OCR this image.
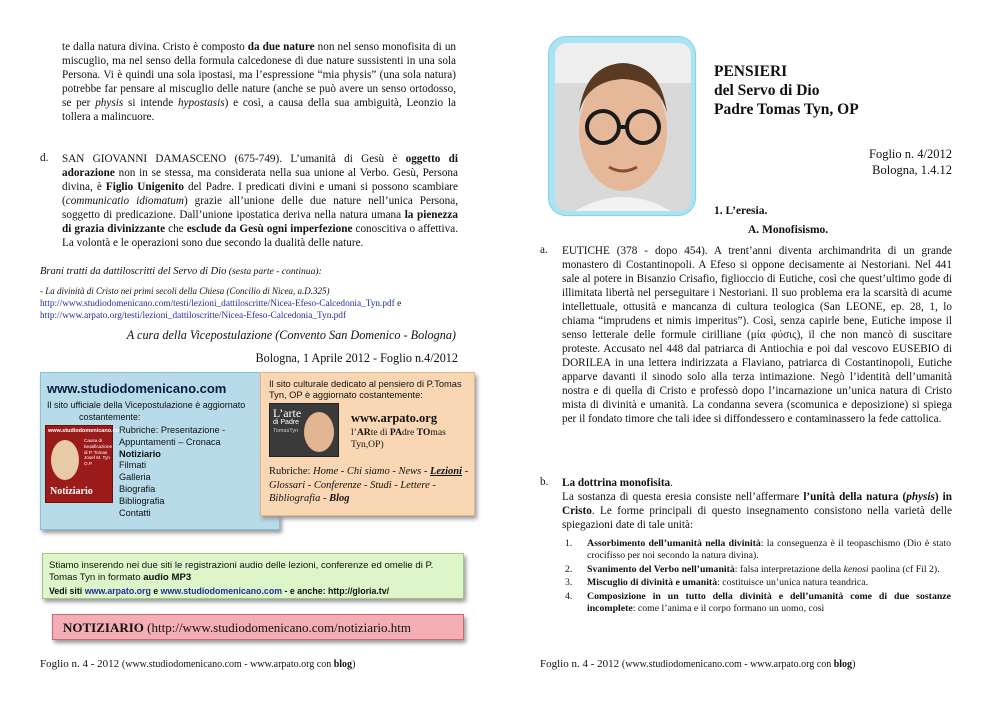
te dalla natura divina. Cristo è composto da due nature non nel senso monofisita di un miscuglio, ma nel senso della formula calcedonese di due nature sussistenti in una sola Persona. Vi è quindi una sola ipostasi, ma l’espressione “mia physis” (una sola natura) potrebbe far pensare al miscuglio delle nature (anche se può avere un senso ortodosso, se per physis si intende hypostasis) e così, a causa della sua ambiguità, Leonzio la tollera a malincuore.
d. SAN GIOVANNI DAMASCENO (675-749). L’umanità di Gesù è oggetto di adorazione non in se stessa, ma considerata nella sua unione al Verbo. Gesù, Persona divina, è Figlio Unigenito del Padre. I predicati divini e umani si possono scambiare (communicatio idiomatum) grazie all’unione delle due nature nell’unica Persona, soggetto di predicazione. Dall’unione ipostatica deriva nella natura umana la pienezza di grazia divinizzante che esclude da Gesù ogni imperfezione conoscitiva o affettiva. La volontà e le operazioni sono due secondo la dualità delle nature.
Brani tratti da dattiloscritti del Servo di Dio (sesta parte - continua):
- La divinità di Cristo nei primi secoli della Chiesa (Concilio di Nicea, a.D.325)
http://www.studiodomenicano.com/testi/lezioni_dattiloscritte/Nicea-Efeso-Calcedonia_Tyn.pdf e
http://www.arpato.org/testi/lezioni_dattiloscritte/Nicea-Efeso-Calcedonia_Tyn.pdf
A cura della Vicepostulazione (Convento San Domenico - Bologna)
Bologna, 1 Aprile 2012 - Foglio n.4/2012
www.studiodomenicano.com
Il sito ufficiale della Vicepostulazione è aggiornato
costantemente:
www.studiodomenicano.com
Causa di beatificazione di P. Tomas Josef M. Tyn O.P.
Notiziario
Rubriche: Presentazione -
Appuntamenti – Cronaca
Notiziario
Filmati
Galleria
Biografia
Bibliografia
Contatti
Il sito culturale dedicato al pensiero di P.Tomas Tyn, OP è aggiornato costantemente:
L’arte
di Padre
TomasTyn
www.arpato.org
l’ARte di PAdre TOmas Tyn,OP)
Rubriche: Home - Chi siamo - News - Lezioni - Glossari - Conferenze - Studi - Lettere - Bibliografia - Blog
Stiamo inserendo nei due siti le registrazioni audio delle lezioni, conferenze ed omelie di P. Tomas Tyn in formato audio MP3
Vedi siti www.arpato.org e www.studiodomenicano.com - e anche: http://gloria.tv/
NOTIZIARIO (http://www.studiodomenicano.com/notiziario.htm
Foglio n. 4 - 2012 (www.studiodomenicano.com - www.arpato.org con blog)
PENSIERI
del Servo di Dio
Padre Tomas Tyn, OP
Foglio n. 4/2012
Bologna, 1.4.12
1. L’eresia.
A. Monofisismo.
a. EUTICHE (378 - dopo 454). A trent’anni diventa archimandrita di un grande monastero di Costantinopoli. A Efeso si oppone decisamente ai Nestoriani. Nel 441 sale al potere in Bisanzio Crisafio, figlioccio di Eutiche, così che quest’ultimo gode di illimitata libertà nel perseguitare i Nestoriani. Il suo problema era la scarsità di acume intellettuale, ottusità e mancanza di cultura teologica (San LEONE, ep. 28, 1, lo chiama “imprudens et nimis imperitus”). Così, senza capirle bene, Eutiche impose il senso letterale delle formule cirilliane (μία φύσις), il che non mancò di suscitare proteste. Accusato nel 448 dal patriarca di Antiochia e poi dal vescovo EUSEBIO di DORILEA in una lettera indirizzata a Flaviano, patriarca di Costantinopoli, Eutiche apparve davanti il sinodo solo alla terza intimazione. Negò l’identità dell’umanità nostra e di quella di Cristo e professò dopo l’incarnazione un’unica natura di Cristo mista di divinità e umanità. La condanna severa (scomunica e deposizione) si spiega per il fondato timore che tali idee si diffondessero e contaminassero la fede cattolica.
b. La dottrina monofisita.
La sostanza di questa eresia consiste nell’affermare l’unità della natura (physis) in Cristo. Le forme principali di questo insegnamento consistono nella varietà delle spiegazioni date di tale unità:
1. Assorbimento dell’umanità nella divinità: la conseguenza è il teopaschismo (Dio è stato crocifisso per noi secondo la natura divina).
2. Svanimento del Verbo nell’umanità: falsa interpretazione della kenosi paolina (cf Fil 2).
3. Miscuglio di divinità e umanità: costituisce un’unica natura teandrica.
4. Composizione in un tutto della divinità e dell’umanità come di due sostanze incomplete: come l’anima e il corpo formano un uomo, così
Foglio n. 4 - 2012 (www.studiodomenicano.com - www.arpato.org con blog)
